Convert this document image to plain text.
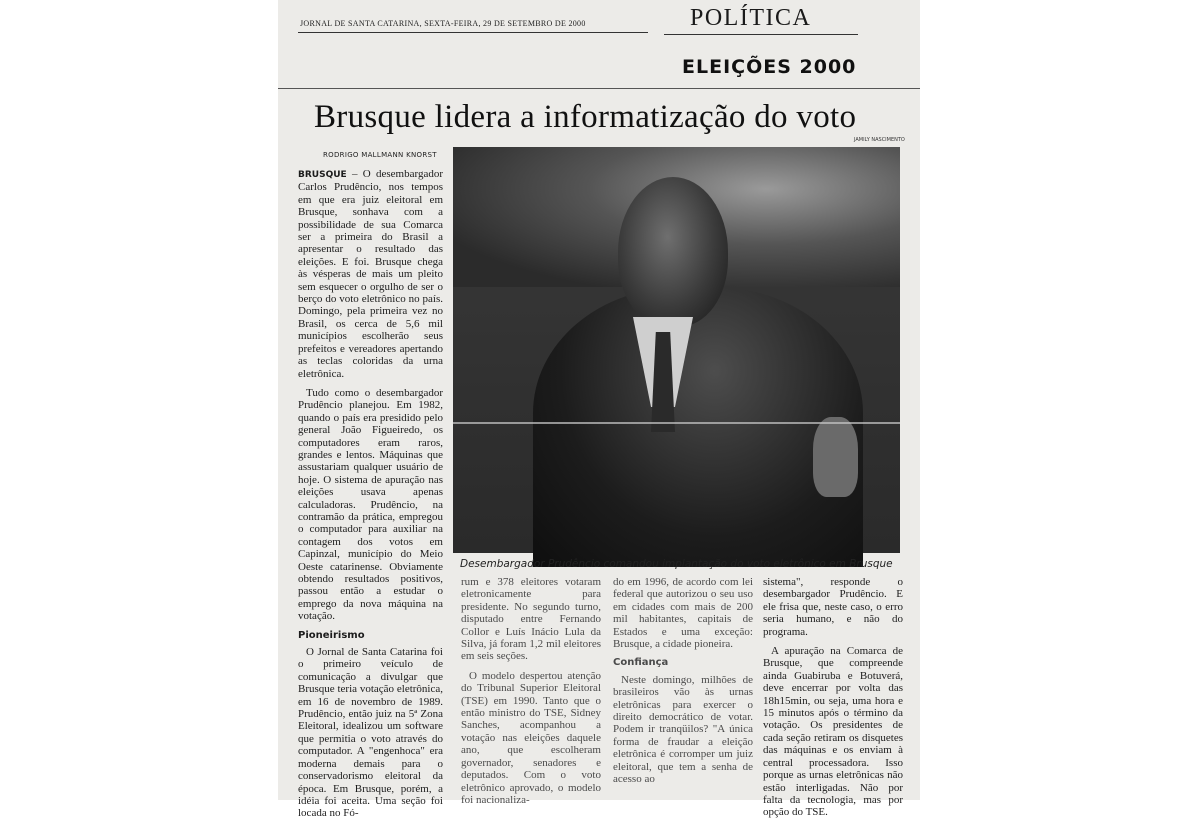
JORNAL DE SANTA CATARINA, SEXTA-FEIRA, 29 DE SETEMBRO DE 2000	POLÍTICA
ELEIÇÕES 2000
Brusque lidera a informatização do voto
JAMILY NASCIMENTO
RODRIGO MALLMANN KNORST

BRUSQUE – O desembargador Carlos Prudêncio, nos tempos em que era juiz eleitoral em Brusque, sonhava com a possibilidade de sua Comarca ser a primeira do Brasil a apresentar o resultado das eleições. E foi. Brusque chega às vésperas de mais um pleito sem esquecer o orgulho de ser o berço do voto eletrônico no país. Domingo, pela primeira vez no Brasil, os cerca de 5,6 mil municípios escolherão seus prefeitos e vereadores apertando as teclas coloridas da urna eletrônica.

Tudo como o desembargador Prudêncio planejou. Em 1982, quando o país era presidido pelo general João Figueiredo, os computadores eram raros, grandes e lentos. Máquinas que assustariam qualquer usuário de hoje. O sistema de apuração nas eleições usava apenas calculadoras. Prudêncio, na contramão da prática, empregou o computador para auxiliar na contagem dos votos em Capinzal, município do Meio Oeste catarinense. Obviamente obtendo resultados positivos, passou então a estudar o emprego da nova máquina na votação.

Pioneirismo

O Jornal de Santa Catarina foi o primeiro veículo de comunicação a divulgar que Brusque teria votação eletrônica, em 16 de novembro de 1989. Prudêncio, então juiz na 5ª Zona Eleitoral, idealizou um software que permitia o voto através do computador. A "engenhoca" era moderna demais para o conservadorismo eleitoral da época. Em Brusque, porém, a idéia foi aceita. Uma seção foi locada no Fó-

Desembargador Prudêncio comandou implantação do voto eletrônico em Brusque

rum e 378 eleitores votaram eletronicamente para presidente. No segundo turno, disputado entre Fernando Collor e Luís Inácio Lula da Silva, já foram 1,2 mil eleitores em seis seções.

O modelo despertou atenção do Tribunal Superior Eleitoral (TSE) em 1990. Tanto que o então ministro do TSE, Sidney Sanches, acompanhou a votação nas eleições daquele ano, que escolheram governador, senadores e deputados. Com o voto eletrônico aprovado, o modelo foi nacionaliza-

do em 1996, de acordo com lei federal que autorizou o seu uso em cidades com mais de 200 mil habitantes, capitais de Estados e uma exceção: Brusque, a cidade pioneira.

Confiança

Neste domingo, milhões de brasileiros vão às urnas eletrônicas para exercer o direito democrático de votar. Podem ir tranqüilos? "A única forma de fraudar a eleição eletrônica é corromper um juiz eleitoral, que tem a senha de acesso ao

sistema", responde o desembargador Prudêncio. E ele frisa que, neste caso, o erro seria humano, e não do programa.

A apuração na Comarca de Brusque, que compreende ainda Guabiruba e Botuverá, deve encerrar por volta das 18h15min, ou seja, uma hora e 15 minutos após o término da votação. Os presidentes de cada seção retiram os disquetes das máquinas e os enviam à central processadora. Isso porque as urnas eletrônicas não estão interligadas. Não por falta da tecnologia, mas por opção do TSE.
